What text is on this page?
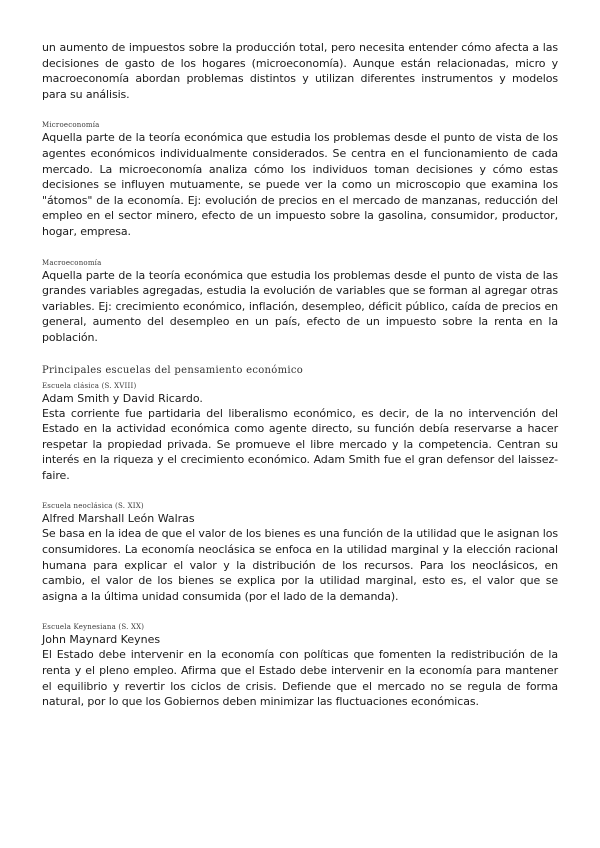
un aumento de impuestos sobre la producción total, pero necesita entender cómo afecta a las decisiones de gasto de los hogares (microeconomía). Aunque están relacionadas, micro y macroeconomía abordan problemas distintos y utilizan diferentes instrumentos y modelos para su análisis.

Microeconomía

Aquella parte de la teoría económica que estudia los problemas desde el punto de vista de los agentes económicos individualmente considerados. Se centra en el funcionamiento de cada mercado. La microeconomía analiza cómo los individuos toman decisiones y cómo estas decisiones se influyen mutuamente, se puede ver la como un microscopio que examina los "átomos" de la economía. Ej: evolución de precios en el mercado de manzanas, reducción del empleo en el sector minero, efecto de un impuesto sobre la gasolina, consumidor, productor, hogar, empresa.

Macroeconomía

Aquella parte de la teoría económica que estudia los problemas desde el punto de vista de las grandes variables agregadas, estudia la evolución de variables que se forman al agregar otras variables. Ej: crecimiento económico, inflación, desempleo, déficit público, caída de precios en general, aumento del desempleo en un país, efecto de un impuesto sobre la renta en la población.

Principales escuelas del pensamiento económico

Escuela clásica (S. XVIII)

Adam Smith y David Ricardo.

Esta corriente fue partidaria del liberalismo económico, es decir, de la no intervención del Estado en la actividad económica como agente directo, su función debía reservarse a hacer respetar la propiedad privada. Se promueve el libre mercado y la competencia. Centran su interés en la riqueza y el crecimiento económico. Adam Smith fue el gran defensor del laissez-faire.

Escuela neoclásica (S. XIX)

Alfred Marshall León Walras

Se basa en la idea de que el valor de los bienes es una función de la utilidad que le asignan los consumidores. La economía neoclásica se enfoca en la utilidad marginal y la elección racional humana para explicar el valor y la distribución de los recursos. Para los neoclásicos, en cambio, el valor de los bienes se explica por la utilidad marginal, esto es, el valor que se asigna a la última unidad consumida (por el lado de la demanda).

Escuela Keynesiana (S. XX)

John Maynard Keynes

El Estado debe intervenir en la economía con políticas que fomenten la redistribución de la renta y el pleno empleo. Afirma que el Estado debe intervenir en la economía para mantener el equilibrio y revertir los ciclos de crisis. Defiende que el mercado no se regula de forma natural, por lo que los Gobiernos deben minimizar las fluctuaciones económicas.
